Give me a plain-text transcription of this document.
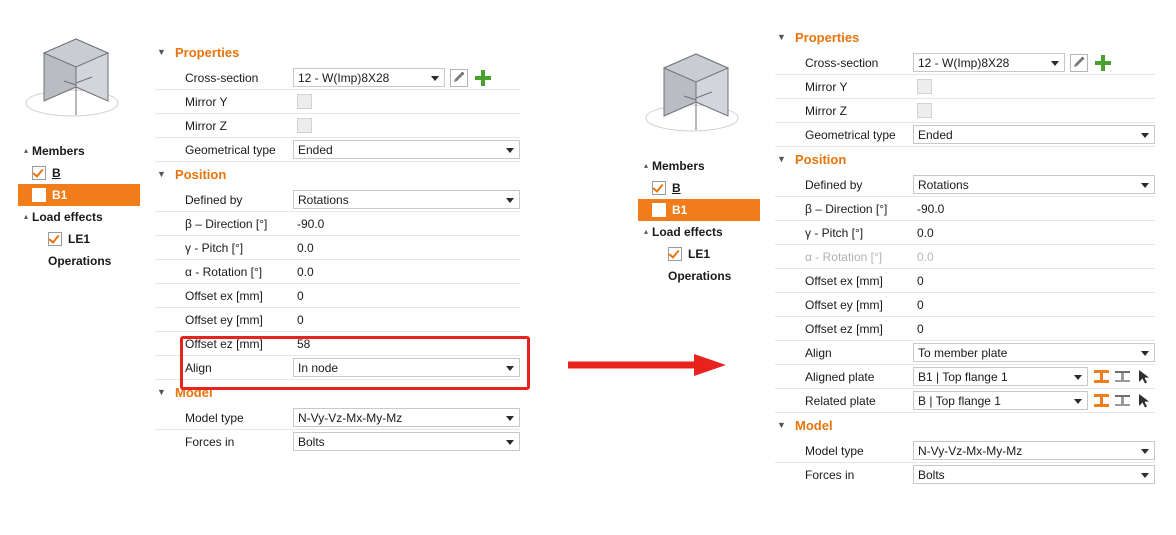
▴ Members
B
B1
▴ Load effects
LE1
Operations
▼ Properties
Cross-section	12 - W(Imp)8X28
Mirror Y
Mirror Z
Geometrical type	Ended
▼ Position
Defined by	Rotations
β – Direction [°]	-90.0
γ - Pitch [°]	0.0
α - Rotation [°]	0.0
Offset ex [mm]	0
Offset ey [mm]	0
Offset ez [mm]	58
Align	In node
▼ Model
Model type	N-Vy-Vz-Mx-My-Mz
Forces in	Bolts
▴ Members
B
B1
▴ Load effects
LE1
Operations
▼ Properties
Cross-section	12 - W(Imp)8X28
Mirror Y
Mirror Z
Geometrical type	Ended
▼ Position
Defined by	Rotations
β – Direction [°]	-90.0
γ - Pitch [°]	0.0
α - Rotation [°]	0.0
Offset ex [mm]	0
Offset ey [mm]	0
Offset ez [mm]	0
Align	To member plate
Aligned plate	B1 | Top flange 1
Related plate	B | Top flange 1
▼ Model
Model type	N-Vy-Vz-Mx-My-Mz
Forces in	Bolts
